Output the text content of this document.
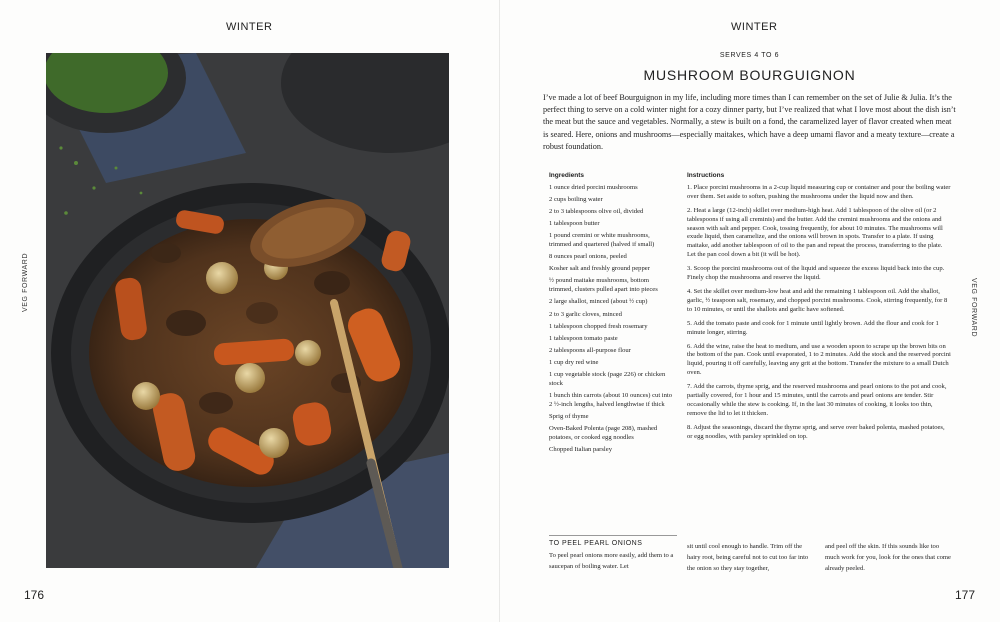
WINTER
VEG FORWARD
176
WINTER
VEG FORWARD
177
SERVES 4 TO 6
MUSHROOM BOURGUIGNON

I’ve made a lot of beef Bourguignon in my life, including more times than I can remember on the set of Julie & Julia. It’s the perfect thing to serve on a cold winter night for a cozy dinner party, but I’ve realized that what I love most about the dish isn’t the meat but the sauce and vegetables. Normally, a stew is built on a fond, the caramelized layer of flavor created when meat is seared. Here, onions and mushrooms—especially maitakes, which have a deep umami flavor and a meaty texture—create a robust foundation.

Ingredients
1 ounce dried porcini mushrooms
2 cups boiling water
2 to 3 tablespoons olive oil, divided
1 tablespoon butter
1 pound cremini or white mushrooms, trimmed and quartered (halved if small)
8 ounces pearl onions, peeled
Kosher salt and freshly ground pepper
½ pound maitake mushrooms, bottom trimmed, clusters pulled apart into pieces
2 large shallot, minced (about ½ cup)
2 to 3 garlic cloves, minced
1 tablespoon chopped fresh rosemary
1 tablespoon tomato paste
2 tablespoons all-purpose flour
1 cup dry red wine
1 cup vegetable stock (page 226) or chicken stock
1 bunch thin carrots (about 10 ounces) cut into 2 ½-inch lengths, halved lengthwise if thick
Sprig of thyme
Oven-Baked Polenta (page 208), mashed potatoes, or cooked egg noodles
Chopped Italian parsley
Instructions
1. Place porcini mushrooms in a 2-cup liquid measuring cup or container and pour the boiling water over them. Set aside to soften, pushing the mushrooms under the liquid now and then.
2. Heat a large (12-inch) skillet over medium-high heat. Add 1 tablespoon of the olive oil (or 2 tablespoons if using all creminis) and the butter. Add the cremini mushrooms and the onions and season with salt and pepper. Cook, tossing frequently, for about 10 minutes. The mushrooms will exude liquid, then caramelize, and the onions will brown in spots. Transfer to a plate. If using maitake, add another tablespoon of oil to the pan and repeat the process, transferring to the plate. Let the pan cool down a bit (it will be hot).
3. Scoop the porcini mushrooms out of the liquid and squeeze the excess liquid back into the cup. Finely chop the mushrooms and reserve the liquid.
4. Set the skillet over medium-low heat and add the remaining 1 tablespoon oil. Add the shallot, garlic, ½ teaspoon salt, rosemary, and chopped porcini mushrooms. Cook, stirring frequently, for 8 to 10 minutes, or until the shallots and garlic have softened.
5. Add the tomato paste and cook for 1 minute until lightly brown. Add the flour and cook for 1 minute longer, stirring.
6. Add the wine, raise the heat to medium, and use a wooden spoon to scrape up the brown bits on the bottom of the pan. Cook until evaporated, 1 to 2 minutes. Add the stock and the reserved porcini liquid, pouring it off carefully, leaving any grit at the bottom. Transfer the mixture to a small Dutch oven.
7. Add the carrots, thyme sprig, and the reserved mushrooms and pearl onions to the pot and cook, partially covered, for 1 hour and 15 minutes, until the carrots and pearl onions are tender. Stir occasionally while the stew is cooking. If, in the last 30 minutes of cooking, it looks too thin, remove the lid to let it thicken.
8. Adjust the seasonings, discard the thyme sprig, and serve over baked polenta, mashed potatoes, or egg noodles, with parsley sprinkled on top.
TO PEEL PEARL ONIONS
To peel pearl onions more easily, add them to a saucepan of boiling water. Let
sit until cool enough to handle. Trim off the hairy root, being careful not to cut too far into the onion so they stay together,
and peel off the skin. If this sounds like too much work for you, look for the ones that come already peeled.
